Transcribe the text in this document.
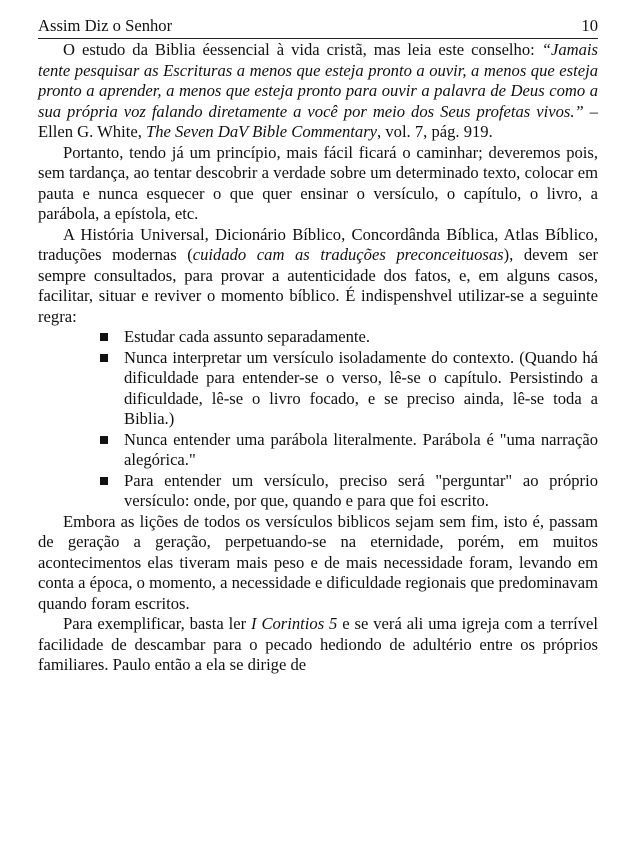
Assim Diz o Senhor	10

O estudo da Biblia éessencial à vida cristã, mas leia este conselho: “Jamais tente pesquisar as Escrituras a menos que esteja pronto a ouvir, a menos que esteja pronto a aprender, a menos que esteja pronto para ouvir a palavra de Deus como a sua própria voz falando diretamente a você por meio dos Seus profetas vivos.” – Ellen G. White, The Seven DaV Bible Commentary, vol. 7, pág. 919.

Portanto, tendo já um princípio, mais fácil ficará o caminhar; deveremos pois, sem tardança, ao tentar descobrir a verdade sobre um determinado texto, colocar em pauta e nunca esquecer o que quer ensinar o versículo, o capítulo, o livro, a parábola, a epístola, etc.

A História Universal, Dicionário Bíblico, Concordânda Bíblica, Atlas Bíblico, traduções modernas (cuidado cam as traduções preconceituosas), devem ser sempre consultados, para provar a autenticidade dos fatos, e, em alguns casos, facilitar, situar e reviver o momento bíblico. É indispenshvel utilizar-se a seguinte regra:

Estudar cada assunto separadamente.
Nunca interpretar um versículo isoladamente do contexto. (Quando há dificuldade para entender-se o verso, lê-se o capítulo. Persistindo a dificuldade, lê-se o livro focado, e se preciso ainda, lê-se toda a Biblia.)
Nunca entender uma parábola literalmente. Parábola é "uma narração alegórica."
Para entender um versículo, preciso será "perguntar" ao próprio versículo: onde, por que, quando e para que foi escrito.

Embora as lições de todos os versículos biblicos sejam sem fim, isto é, passam de geração a geração, perpetuando-se na eternidade, porém, em muitos acontecimentos elas tiveram mais peso e de mais necessidade foram, levando em conta a época, o momento, a necessidade e dificuldade regionais que predominavam quando foram escritos.

Para exemplificar, basta ler I Corintios 5 e se verá ali uma igreja com a terrível facilidade de descambar para o pecado hediondo de adultério entre os próprios familiares. Paulo então a ela se dirige de
